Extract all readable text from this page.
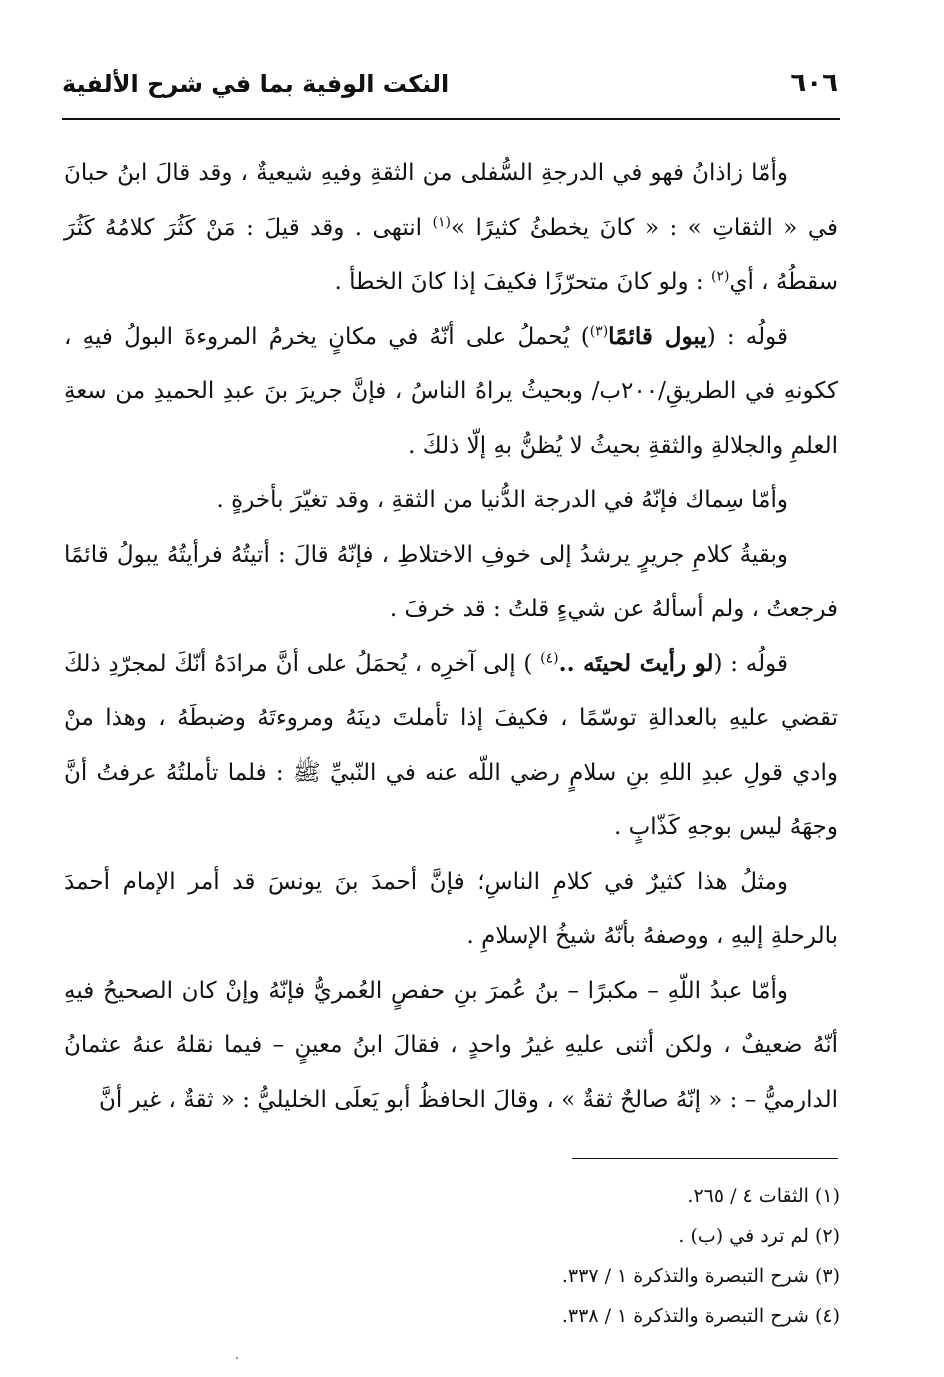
٦٠٦
النكت الوفية بما في شرح الألفية

وأمّا زاذانُ فهو في الدرجةِ السُّفلى من الثقةِ وفيهِ شيعيةٌ ، وقد قالَ ابنُ حبانَ في « الثقاتِ » : « كانَ يخطئُ كثيرًا »$^{(١)}$ انتهى . وقد قيلَ : مَنْ كَثُرَ كلامُهُ كَثُرَ سقطُهُ ، أي$^{(٢)}$ : ولو كانَ متحرّزًا فكيفَ إذا كانَ الخطأ .

قولُه : (يبول قائمًا$^{(٣)}$) يُحملُ على أنّهُ في مكانٍ يخرمُ المروءةَ البولُ فيهِ ، ككونهِ في الطريقِ/٢٠٠ب/ وبحيثُ يراهُ الناسُ ، فإنَّ جريرَ بنَ عبدِ الحميدِ من سعةِ العلمِ والجلالةِ والثقةِ بحيثُ لا يُظنُّ بهِ إلّا ذلكَ .

وأمّا سِماك فإنّهُ في الدرجة الدُّنيا من الثقةِ ، وقد تغيّرَ بأخرةٍ .

وبقيةُ كلامِ جريرٍ يرشدُ إلى خوفِ الاختلاطِ ، فإنّهُ قالَ : أتيتُهُ فرأيتُهُ يبولُ قائمًا فرجعتُ ، ولم أسألهُ عن شيءٍ قلتُ : قد خرفَ .

قولُه : (لو رأيتَ لحيتَه ..$^{(٤)}$ ) إلى آخرِه ، يُحمَلُ على أنَّ مرادَهُ أنّكَ لمجرّدِ ذلكَ تقضي عليهِ بالعدالةِ توسّمًا ، فكيفَ إذا تأملتَ دينَهُ ومروءتَهُ وضبطَهُ ، وهذا منْ وادي قولِ عبدِ اللهِ بنِ سلامٍ رضي اللّه عنه في النّبيِّ ﷺ : فلما تأملتُهُ عرفتُ أنَّ وجهَهُ ليس بوجهِ كَذّابٍ .

ومثلُ هذا كثيرٌ في كلامِ الناسِ؛ فإنَّ أحمدَ بنَ يونسَ قد أمر الإمام أحمدَ بالرحلةِ إليهِ ، ووصفهُ بأنّهُ شيخُ الإسلامِ .

وأمّا عبدُ اللّهِ – مكبرًا – بنُ عُمرَ بنِ حفصٍ العُمريُّ فإنّهُ وإنْ كان الصحيحُ فيهِ أنّهُ ضعيفٌ ، ولكن أثنى عليهِ غيرُ واحدٍ ، فقالَ ابنُ معينٍ – فيما نقلهُ عنهُ عثمانُ الدارميُّ – : « إنّهُ صالحٌ ثقةٌ » ، وقالَ الحافظُ أبو يَعلَى الخليليُّ : « ثقةٌ ، غير أنَّ

(١) الثقات ٤ / ٢٦٥.

(٢) لم ترد في (ب) .

(٣) شرح التبصرة والتذكرة ١ / ٣٣٧.

(٤) شرح التبصرة والتذكرة ١ / ٣٣٨.
